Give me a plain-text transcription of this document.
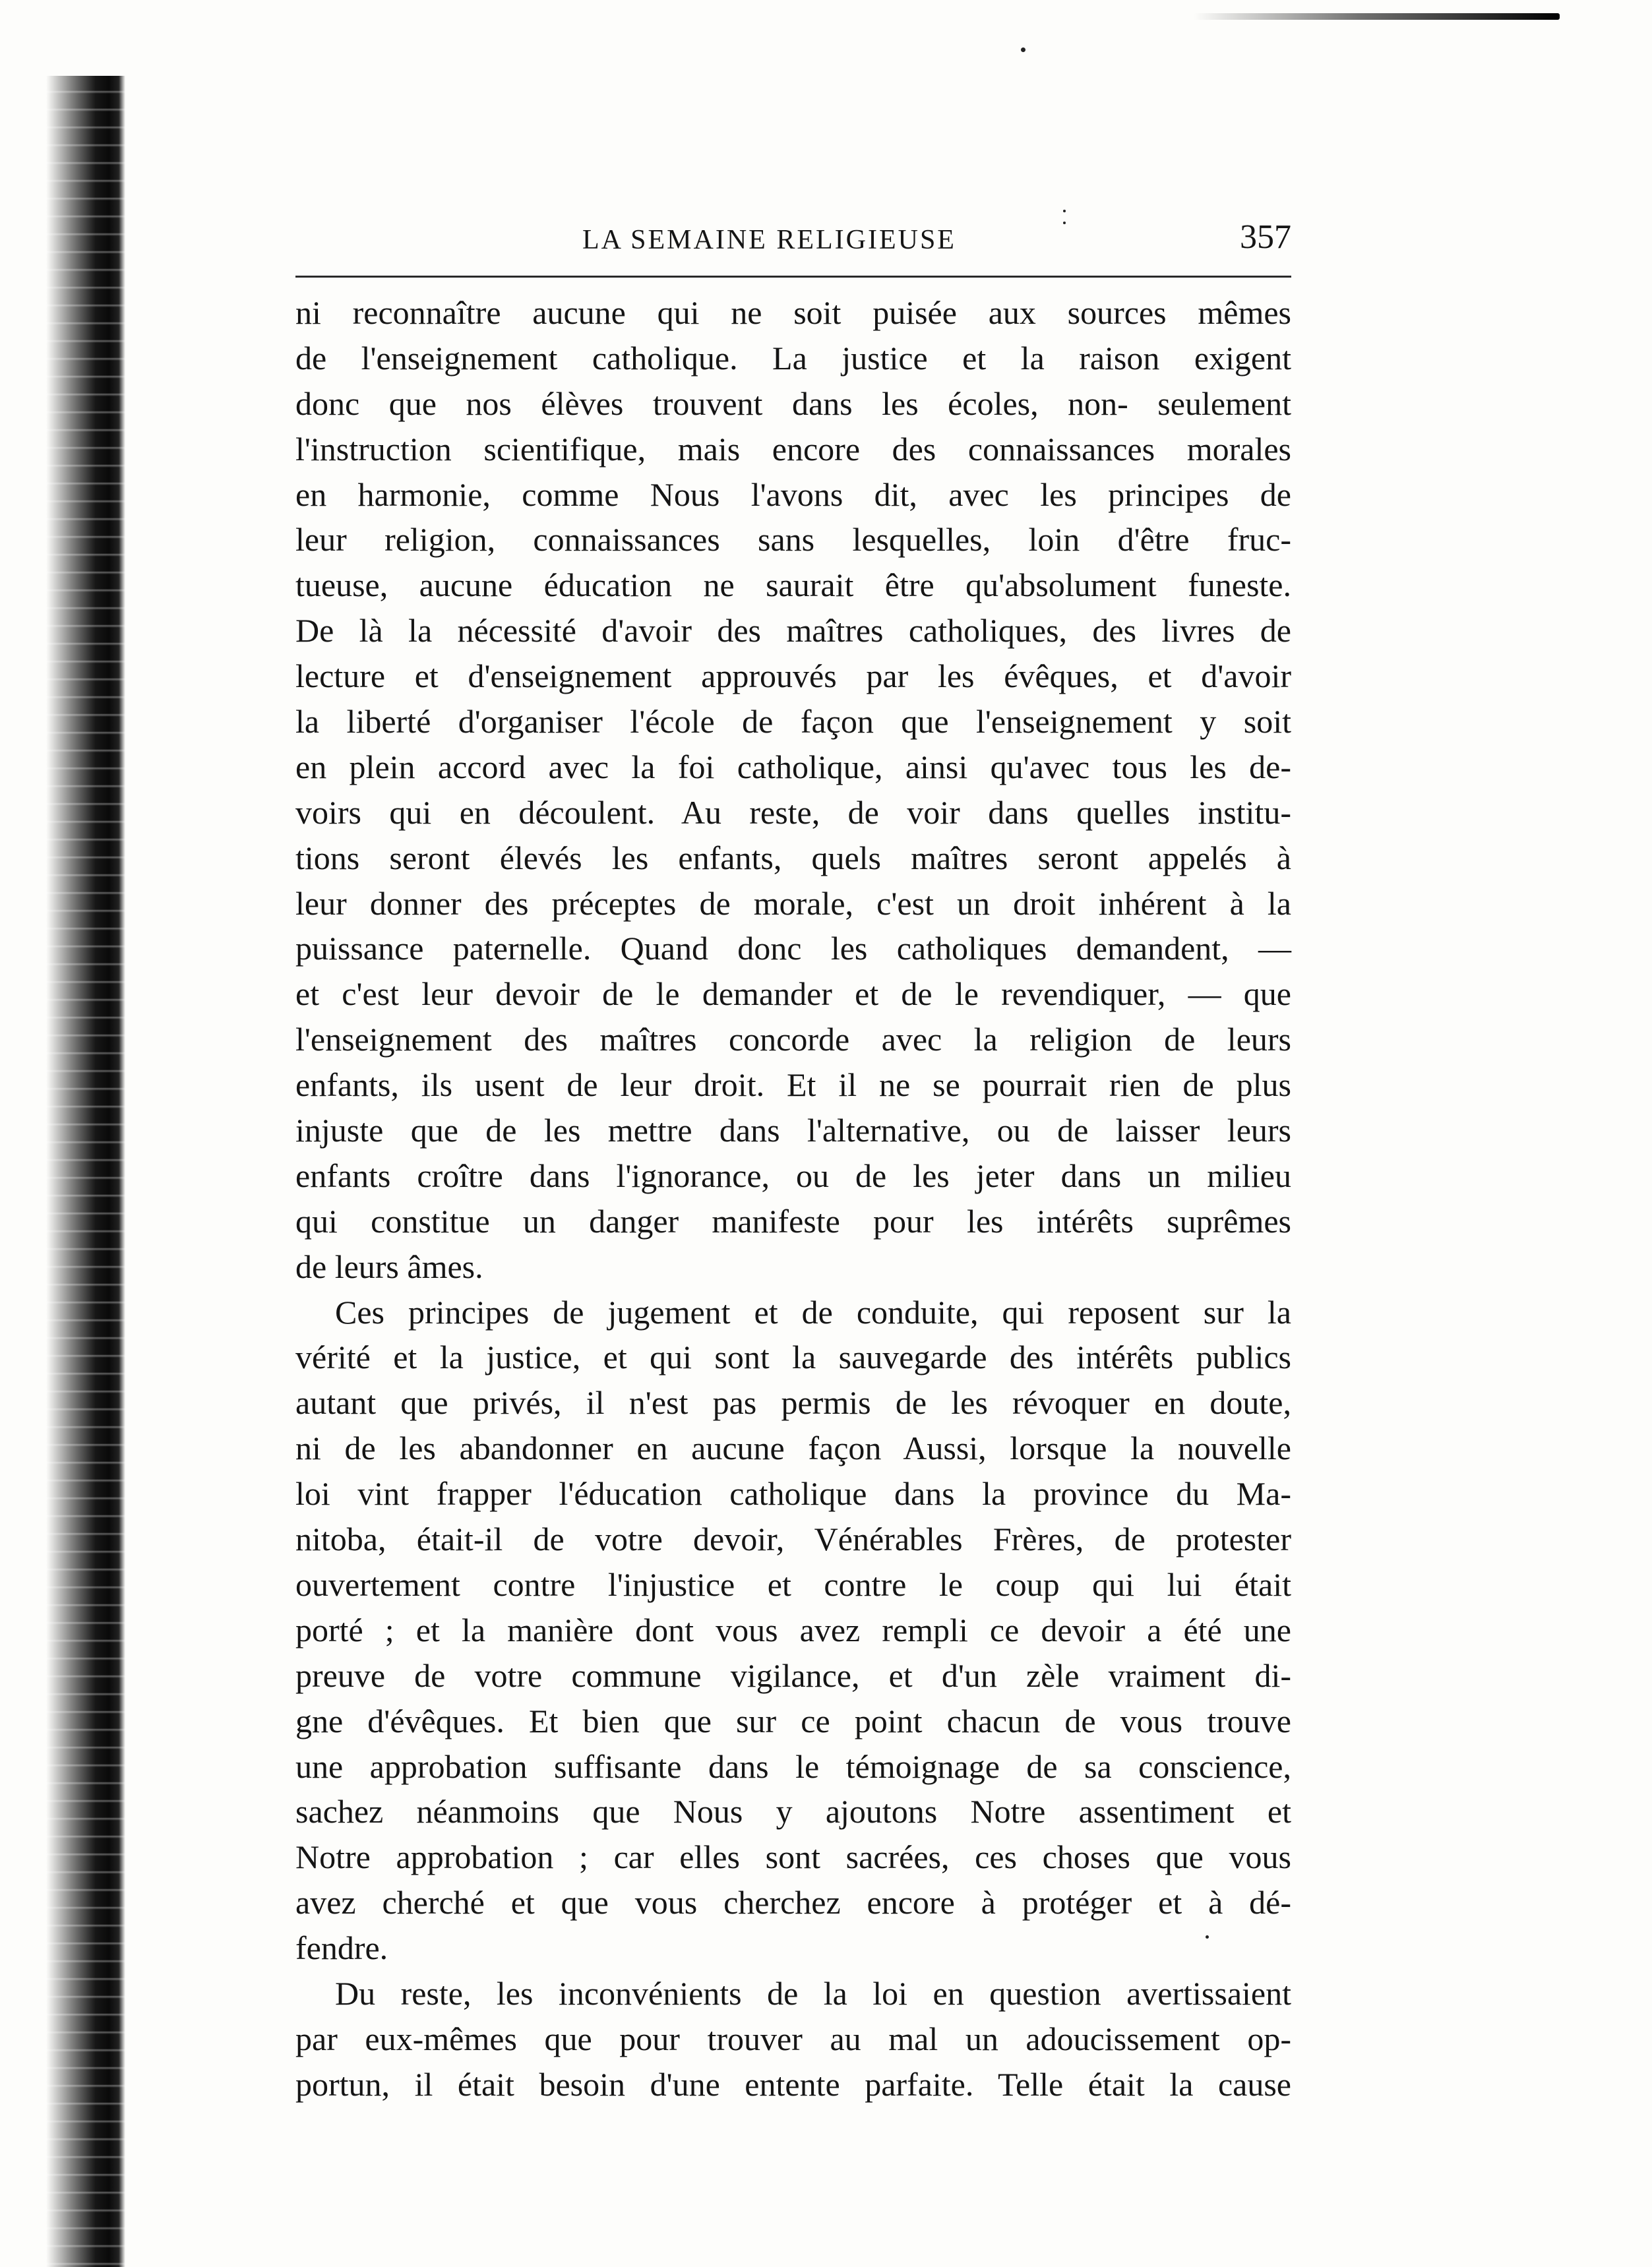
LA SEMAINE RELIGIEUSE	357
ni reconnaître aucune qui ne soit puisée aux sources mêmes
de l'enseignement catholique. La justice et la raison exigent
donc que nos élèves trouvent dans les écoles, non- seulement
l'instruction scientifique, mais encore des connaissances morales
en harmonie, comme Nous l'avons dit, avec les principes de
leur religion, connaissances sans lesquelles, loin d'être fruc-
tueuse, aucune éducation ne saurait être qu'absolument funeste.
De là la nécessité d'avoir des maîtres catholiques, des livres de
lecture et d'enseignement approuvés par les évêques, et d'avoir
la liberté d'organiser l'école de façon que l'enseignement y soit
en plein accord avec la foi catholique, ainsi qu'avec tous les de-
voirs qui en découlent. Au reste, de voir dans quelles institu-
tions seront élevés les enfants, quels maîtres seront appelés à
leur donner des préceptes de morale, c'est un droit inhérent à la
puissance paternelle. Quand donc les catholiques demandent, —
et c'est leur devoir de le demander et de le revendiquer, — que
l'enseignement des maîtres concorde avec la religion de leurs
enfants, ils usent de leur droit. Et il ne se pourrait rien de plus
injuste que de les mettre dans l'alternative, ou de laisser leurs
enfants croître dans l'ignorance, ou de les jeter dans un milieu
qui constitue un danger manifeste pour les intérêts suprêmes
de leurs âmes.
Ces principes de jugement et de conduite, qui reposent sur la
vérité et la justice, et qui sont la sauvegarde des intérêts publics
autant que privés, il n'est pas permis de les révoquer en doute,
ni de les abandonner en aucune façon Aussi, lorsque la nouvelle
loi vint frapper l'éducation catholique dans la province du Ma-
nitoba, était-il de votre devoir, Vénérables Frères, de protester
ouvertement contre l'injustice et contre le coup qui lui était
porté ; et la manière dont vous avez rempli ce devoir a été une
preuve de votre commune vigilance, et d'un zèle vraiment di-
gne d'évêques. Et bien que sur ce point chacun de vous trouve
une approbation suffisante dans le témoignage de sa conscience,
sachez néanmoins que Nous y ajoutons Notre assentiment et
Notre approbation ; car elles sont sacrées, ces choses que vous
avez cherché et que vous cherchez encore à protéger et à dé-
fendre.
Du reste, les inconvénients de la loi en question avertissaient
par eux-mêmes que pour trouver au mal un adoucissement op-
portun, il était besoin d'une entente parfaite. Telle était la cause
